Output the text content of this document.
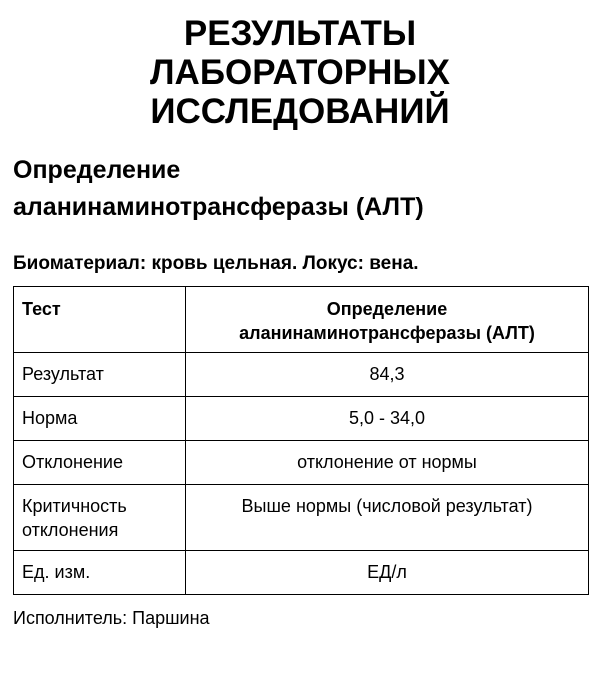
РЕЗУЛЬТАТЫ
ЛАБОРАТОРНЫХ
ИССЛЕДОВАНИЙ
Определение
аланинаминотрансферазы (АЛТ)

Биоматериал: кровь цельная. Локус: вена.

Тест	Определение
аланинаминотрансферазы (АЛТ)

Результат	84,3

Норма	5,0 - 34,0

Отклонение	отклонение от нормы

Критичность
отклонения	Выше нормы (числовой результат)

Ед. изм.	ЕД/л

Исполнитель: Паршина
